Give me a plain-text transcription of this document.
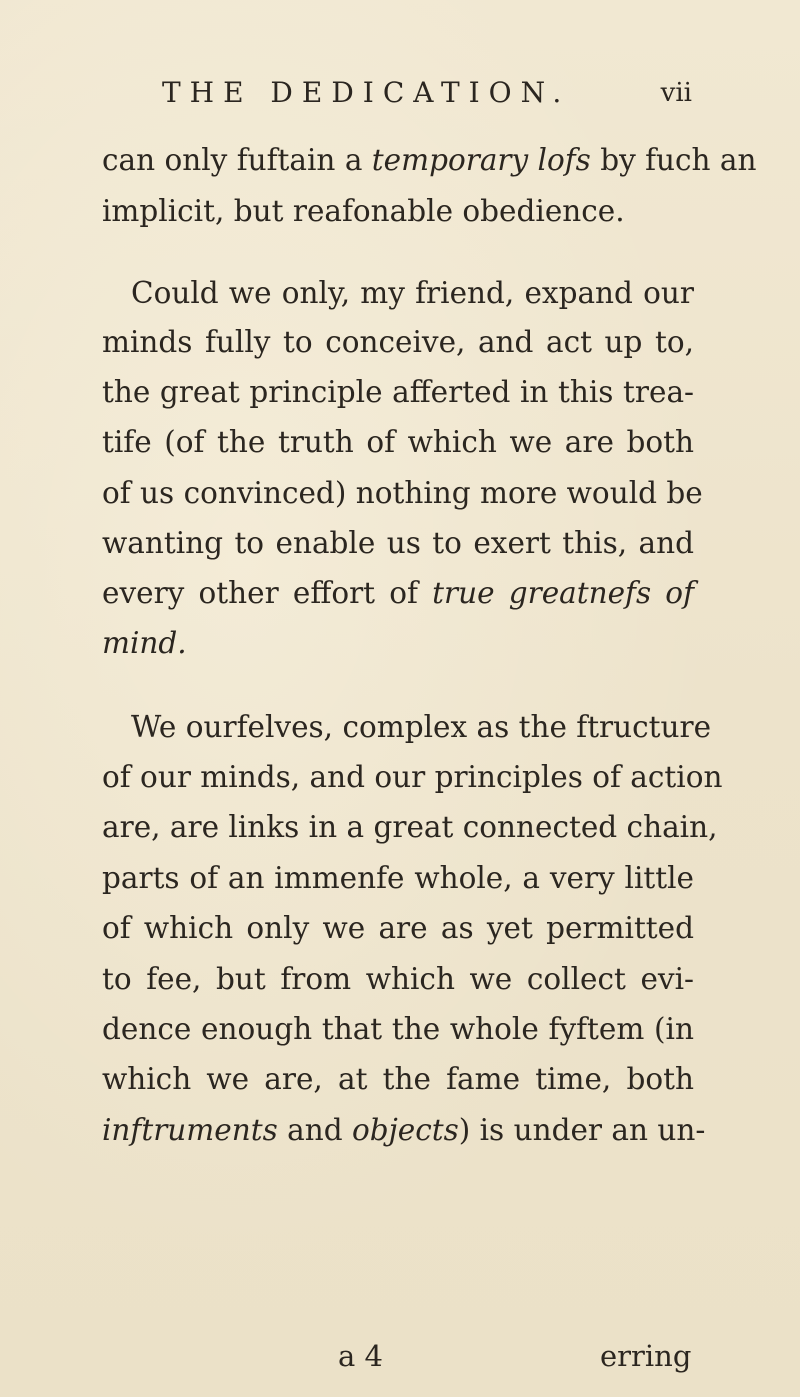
THE DEDICATION.	vii
can only fuftain a temporary lofs by fuch an
implicit, but reafonable obedience.
Could we only, my friend, expand our
minds fully to conceive, and act up to,
the great principle afferted in this trea-
tife (of the truth of which we are both
of us convinced) nothing more would be
wanting to enable us to exert this, and
every other effort of true greatnefs of
mind.
We ourfelves, complex as the ftructure
of our minds, and our principles of action
are, are links in a great connected chain,
parts of an immenfe whole, a very little
of which only we are as yet permitted
to fee, but from which we collect evi-
dence enough that the whole fyftem (in
which we are, at the fame time, both
inftruments and objects) is under an un-
a 4	erring
